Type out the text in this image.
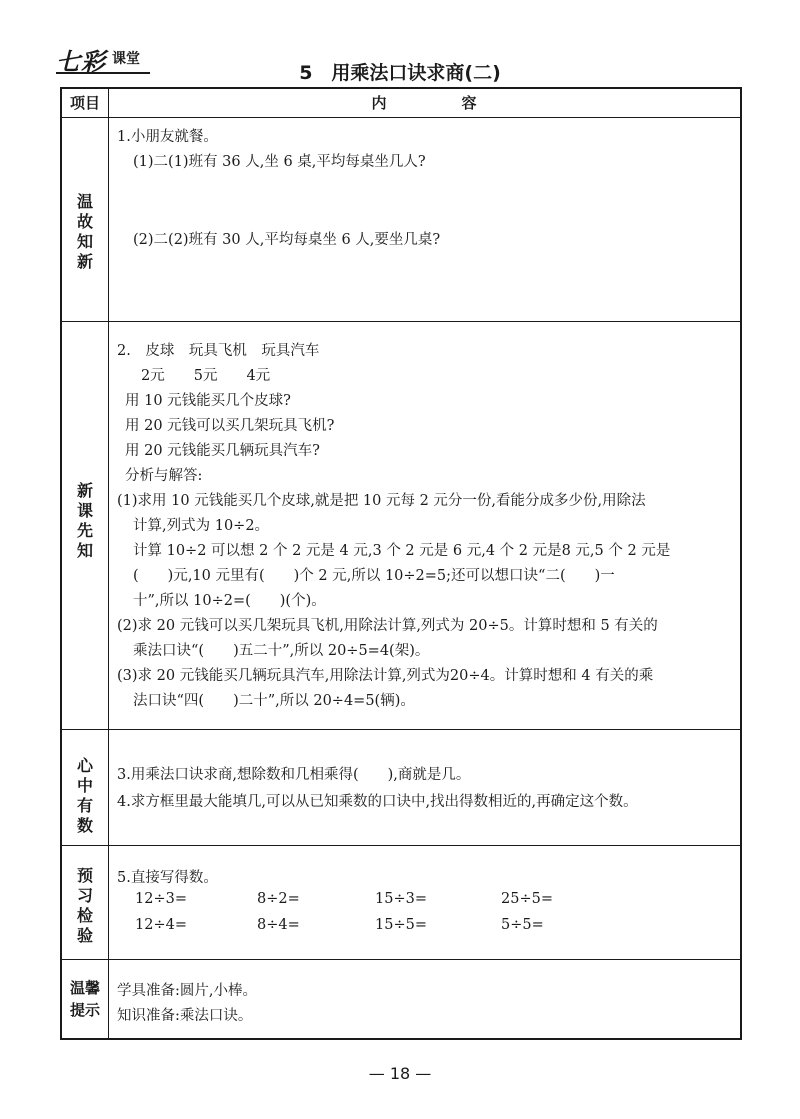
七彩 课堂
5　用乘法口诀求商(二)
项目	内　容
温故知新
1.小朋友就餐。
(1)二(1)班有 36 人,坐 6 桌,平均每桌坐几人?
(2)二(2)班有 30 人,平均每桌坐 6 人,要坐几桌?
新课先知
2.　皮球　玩具飞机　玩具汽车
2元　　5元　　4元
用 10 元钱能买几个皮球?
用 20 元钱可以买几架玩具飞机?
用 20 元钱能买几辆玩具汽车?
分析与解答:
(1)求用 10 元钱能买几个皮球,就是把 10 元每 2 元分一份,看能分成多少份,用除法
计算,列式为 10÷2。
计算 10÷2 可以想 2 个 2 元是 4 元,3 个 2 元是 6 元,4 个 2 元是8 元,5 个 2 元是
(　　)元,10 元里有(　　)个 2 元,所以 10÷2=5;还可以想口诀“二(　　)一
十”,所以 10÷2=(　　)(个)。
(2)求 20 元钱可以买几架玩具飞机,用除法计算,列式为 20÷5。计算时想和 5 有关的
乘法口诀“(　　)五二十”,所以 20÷5=4(架)。
(3)求 20 元钱能买几辆玩具汽车,用除法计算,列式为20÷4。计算时想和 4 有关的乘
法口诀“四(　　)二十”,所以 20÷4=5(辆)。
心中有数
3.用乘法口诀求商,想除数和几相乘得(　　),商就是几。
4.求方框里最大能填几,可以从已知乘数的口诀中,找出得数相近的,再确定这个数。
预习检验
5.直接写得数。
12÷3=	8÷2=	15÷3=	25÷5=
12÷4=	8÷4=	15÷5=	5÷5=
温馨提示
学具准备:圆片,小棒。
知识准备:乘法口诀。
— 18 —
